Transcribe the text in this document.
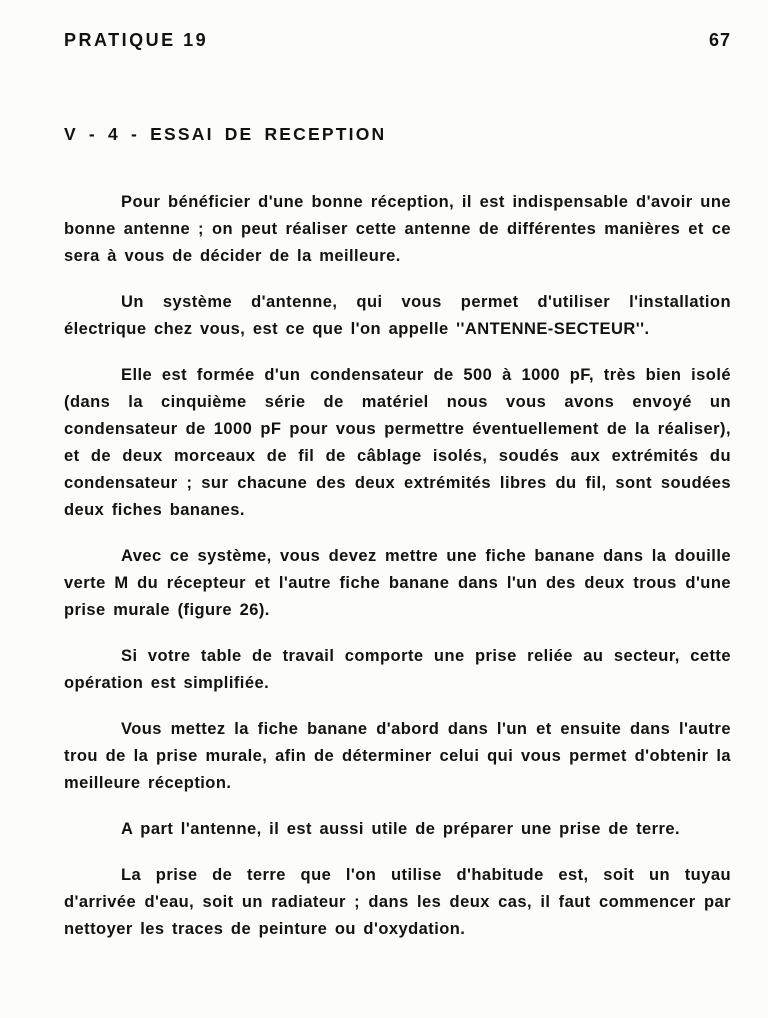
PRATIQUE 19	67
V - 4 - ESSAI DE RECEPTION

Pour bénéficier d'une bonne réception, il est indispensable d'avoir une bonne antenne ; on peut réaliser cette antenne de différentes manières et ce sera à vous de décider de la meilleure.

Un système d'antenne, qui vous permet d'utiliser l'installation électrique chez vous, est ce que l'on appelle ''ANTENNE-SECTEUR''.

Elle est formée d'un condensateur de 500 à 1000 pF, très bien isolé (dans la cinquième série de matériel nous vous avons envoyé un condensateur de 1000 pF pour vous permettre éventuellement de la réaliser), et de deux morceaux de fil de câblage isolés, soudés aux extrémités du condensateur ; sur chacune des deux extrémités libres du fil, sont soudées deux fiches bananes.

Avec ce système, vous devez mettre une fiche banane dans la douille verte M du récepteur et l'autre fiche banane dans l'un des deux trous d'une prise murale (figure 26).

Si votre table de travail comporte une prise reliée au secteur, cette opération est simplifiée.

Vous mettez la fiche banane d'abord dans l'un et ensuite dans l'autre trou de la prise murale, afin de déterminer celui qui vous permet d'obtenir la meilleure réception.

A part l'antenne, il est aussi utile de préparer une prise de terre.

La prise de terre que l'on utilise d'habitude est, soit un tuyau d'arrivée d'eau, soit un radiateur ; dans les deux cas, il faut commencer par nettoyer les traces de peinture ou d'oxydation.
